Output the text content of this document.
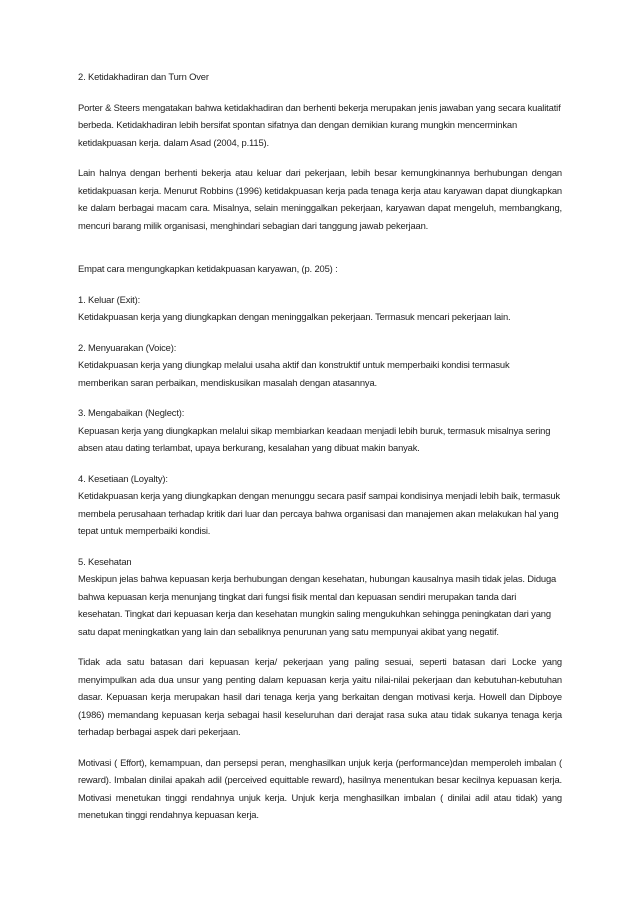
2. Ketidakhadiran dan Turn Over

Porter & Steers mengatakan bahwa ketidakhadiran dan berhenti bekerja merupakan jenis jawaban yang secara kualitatif berbeda. Ketidakhadiran lebih bersifat spontan sifatnya dan dengan demikian kurang mungkin mencerminkan ketidakpuasan kerja. dalam Asad (2004, p.115).

Lain halnya dengan berhenti bekerja atau keluar dari pekerjaan, lebih besar kemungkinannya berhubungan dengan ketidakpuasan kerja. Menurut Robbins (1996) ketidakpuasan kerja pada tenaga kerja atau karyawan dapat diungkapkan ke dalam berbagai macam cara. Misalnya, selain meninggalkan pekerjaan, karyawan dapat mengeluh, membangkang, mencuri barang milik organisasi, menghindari sebagian dari tanggung jawab pekerjaan.

Empat cara mengungkapkan ketidakpuasan karyawan, (p. 205) :

1. Keluar (Exit):
Ketidakpuasan kerja yang diungkapkan dengan meninggalkan pekerjaan. Termasuk mencari pekerjaan lain.
2. Menyuarakan (Voice):
Ketidakpuasan kerja yang diungkap melalui usaha aktif dan konstruktif untuk memperbaiki kondisi termasuk memberikan saran perbaikan, mendiskusikan masalah dengan atasannya.
3. Mengabaikan (Neglect):
Kepuasan kerja yang diungkapkan melalui sikap membiarkan keadaan menjadi lebih buruk, termasuk misalnya sering absen atau dating terlambat, upaya berkurang, kesalahan yang dibuat makin banyak.
4. Kesetiaan (Loyalty):
Ketidakpuasan kerja yang diungkapkan dengan menunggu secara pasif sampai kondisinya menjadi lebih baik, termasuk membela perusahaan terhadap kritik dari luar dan percaya bahwa organisasi dan manajemen akan melakukan hal yang tepat untuk memperbaiki kondisi.
5. Kesehatan
Meskipun jelas bahwa kepuasan kerja berhubungan dengan kesehatan, hubungan kausalnya masih tidak jelas. Diduga bahwa kepuasan kerja menunjang tingkat dari fungsi fisik mental dan kepuasan sendiri merupakan tanda dari kesehatan. Tingkat dari kepuasan kerja dan kesehatan mungkin saling mengukuhkan sehingga peningkatan dari yang satu dapat meningkatkan yang lain dan sebaliknya penurunan yang satu mempunyai akibat yang negatif.

Tidak ada satu batasan dari kepuasan kerja/ pekerjaan yang paling sesuai, seperti batasan dari Locke yang menyimpulkan ada dua unsur yang penting dalam kepuasan kerja yaitu nilai-nilai pekerjaan dan kebutuhan-kebutuhan dasar. Kepuasan kerja merupakan hasil dari tenaga kerja yang berkaitan dengan motivasi kerja. Howell dan Dipboye (1986) memandang kepuasan kerja sebagai hasil keseluruhan dari derajat rasa suka atau tidak sukanya tenaga kerja terhadap berbagai aspek dari pekerjaan.

Motivasi ( Effort), kemampuan, dan persepsi peran, menghasilkan unjuk kerja (performance)dan memperoleh imbalan ( reward). Imbalan dinilai apakah adil (perceived equittable reward), hasilnya menentukan besar kecilnya kepuasan kerja. Motivasi menetukan tinggi rendahnya unjuk kerja. Unjuk kerja menghasilkan imbalan ( dinilai adil atau tidak) yang menetukan tinggi rendahnya kepuasan kerja.
